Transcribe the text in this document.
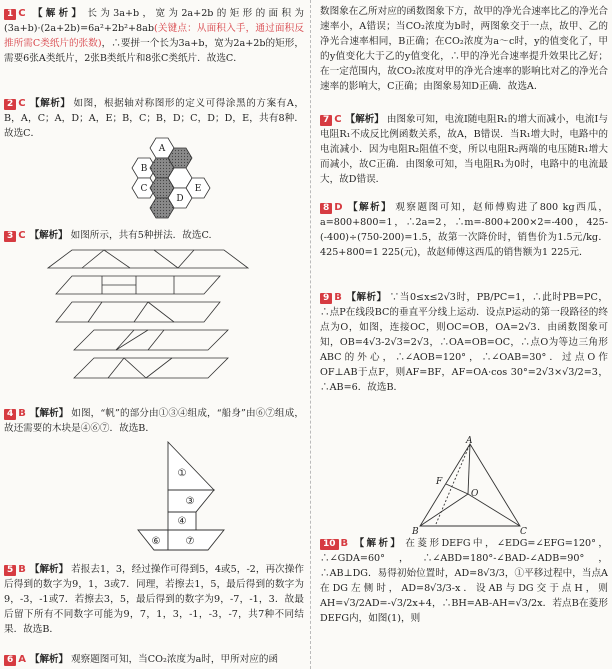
1 C 【解析】 长为3a+b，宽为2a+2b的矩形的面积为(3a+b)·(2a+2b)=6a²+2b²+8ab(关键点：从面积入手，通过面积反推所需C类纸片的张数)，∴要拼一个长为3a+b，宽为2a+2b的矩形，需要6张A类纸片，2张B类纸片和8张C类纸片．故选C．
2 C 【解析】 如图，根据轴对称图形的定义可得涂黑的方案有A，B，A，C；A，D；A，E；B，C；B，D；C，D；D，E，共有8种．故选C．
A
B
C
D
E
3 C 【解析】 如图所示，共有5种拼法．故选C.
4 B 【解析】 如图，“帆”的部分由①③④组成，“船身”由⑥⑦组成，故还需要的木块是④⑥⑦．故选B．
①
③
④
⑥	⑦
5 B 【解析】 若报去1，3，经过操作可得到5，4或5，-2，再次操作后得到的数字为9，1，3或7．同理，若擦去1，5，最后得到的数字为9，-3，-1或7．若擦去3，5，最后得到的数字为9，-7，-1，3．故最后留下所有不同数字可能为9，7，1，3，-1，-3，-7，共7种不同结果．故选B．
6 A 【解析】 观察题图可知，当CO₂浓度为a时，甲所对应的函
数图象在乙所对应的函数图象下方，故甲的净光合速率比乙的净光合速率小，A错误；当CO₂浓度为b时，两图象交于一点，故甲、乙的净光合速率相同，B正确；在CO₂浓度为a～c时，y的值变化了，甲的y值变化大于乙的y值变化，∴甲的净光合速率提升效果比乙好；在一定范围内，故CO₂浓度对甲的净光合速率的影响比对乙的净光合速率的影响大，C正确；由图象易知D正确．故选A．
7 C 【解析】 由图象可知，电流I随电阻R₁的增大而减小，电流I与电阻R₁不成反比例函数关系，故A，B错误．当R₁增大时，电路中的电流减小．因为电阻R₂阻值不变，所以电阻R₂两端的电压随R₁增大而减小，故C正确．由图象可知，当电阻R₁为0时，电路中的电流最大，故D错误．
8 D 【解析】 观察题图可知，赵师傅购进了800 kg西瓜，a=800+800=1，∴2a=2，∴m=-800+200×2=-400，425-(-400)÷(750-200)=1.5，故第一次降价时，销售价为1.5元/kg．425+800=1 225(元)，故赵师傅这西瓜的销售额为1 225元．
9 B 【解析】 ∵当0≤x≤2√3时，PB/PC=1，∴此时PB=PC，∴点P在线段BC的垂直平分线上运动．设点P运动的第一段路径的终点为O，如图，连接OC，则OC=OB，OA=2√3．由函数图象可知，OB=4√3-2√3=2√3，∴OA=OB=OC，∴点O为等边三角形ABC的外心，∴∠AOB=120°，∴∠OAB=30°．过点O作OF⊥AB于点F，则AF=BF，AF=OA·cos 30°=2√3×√3/2=3，∴AB=6．故选B．
A
F
O
B	C
10 B 【解析】 在菱形DEFG中，∠EDG=∠EFG=120°，∴∠GDA=60°，∴∠ABD=180°-∠BAD-∠ADB=90°，∴AB⊥DG．易得初始位置时，AD=8√3/3，①平移过程中，当点A在DG左侧时，AD=8√3/3-x．设AB与DG交于点H，则AH=√3/2AD=-√3/2x+4，∴BH=AB-AH=√3/2x．若点B在菱形DEFG内，如图(1)，则
